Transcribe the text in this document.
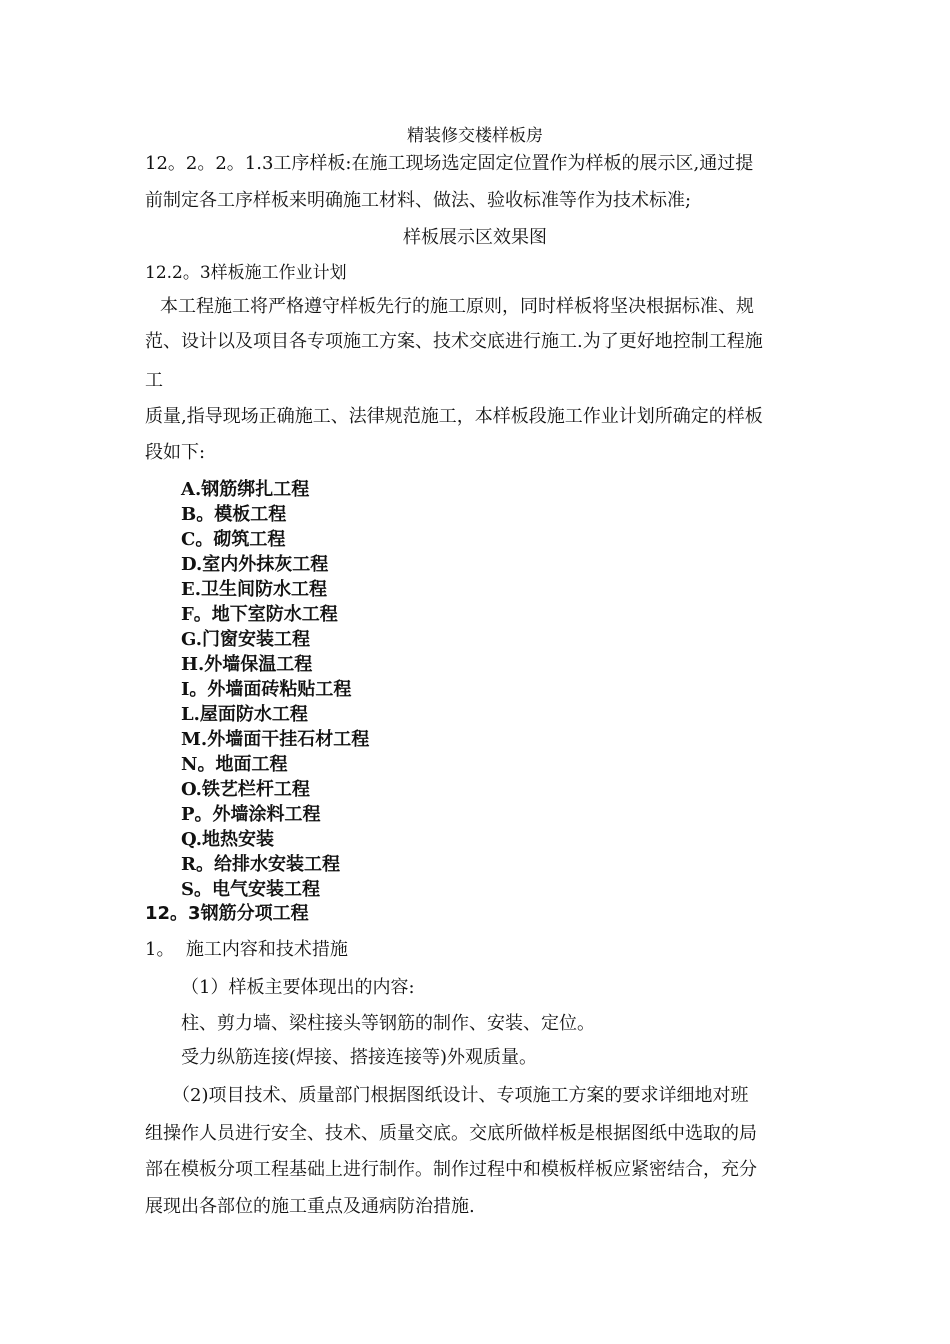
精装修交楼样板房
12。2。2。1.3工序样板:在施工现场选定固定位置作为样板的展示区,通过提
前制定各工序样板来明确施工材料、做法、验收标准等作为技术标准;
样板展示区效果图
12.2。3样板施工作业计划
本工程施工将严格遵守样板先行的施工原则，同时样板将坚决根据标准、规
范、设计以及项目各专项施工方案、技术交底进行施工.为了更好地控制工程施
工
质量,指导现场正确施工、法律规范施工，本样板段施工作业计划所确定的样板
段如下:
A.钢筋绑扎工程
B。模板工程
C。砌筑工程
D.室内外抹灰工程
E.卫生间防水工程
F。地下室防水工程
G.门窗安装工程
H.外墙保温工程
I。外墙面砖粘贴工程
L.屋面防水工程
M.外墙面干挂石材工程
N。地面工程
O.铁艺栏杆工程
P。外墙涂料工程
Q.地热安装
R。给排水安装工程
S。电气安装工程
12。3钢筋分项工程
1。  施工内容和技术措施
（1）样板主要体现出的内容:
柱、剪力墙、梁柱接头等钢筋的制作、安装、定位。
受力纵筋连接(焊接、搭接连接等)外观质量。
（2)项目技术、质量部门根据图纸设计、专项施工方案的要求详细地对班
组操作人员进行安全、技术、质量交底。交底所做样板是根据图纸中选取的局
部在模板分项工程基础上进行制作。制作过程中和模板样板应紧密结合，充分
展现出各部位的施工重点及通病防治措施.
